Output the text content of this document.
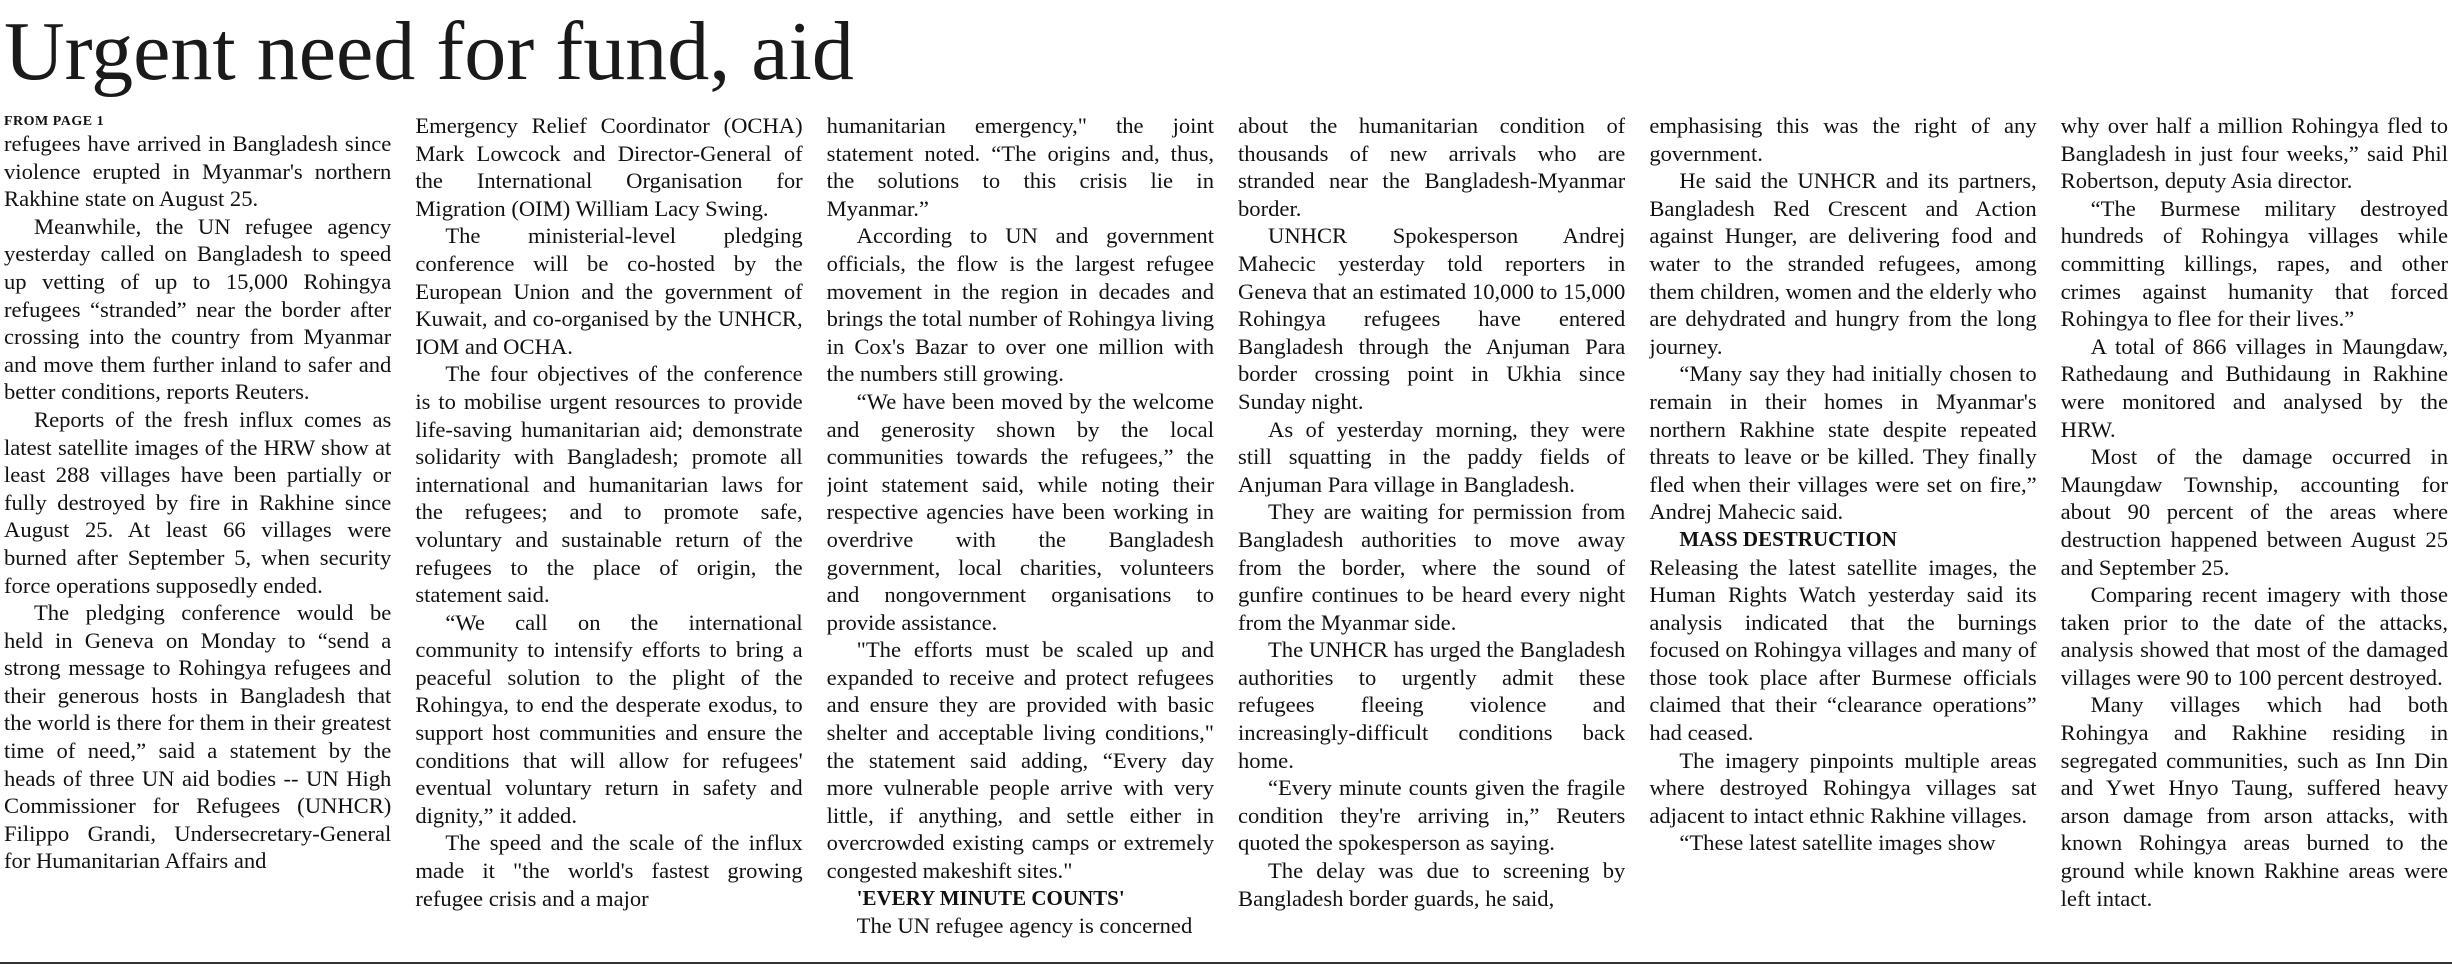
Urgent need for fund, aid
FROM PAGE 1

refugees have arrived in Bangladesh since violence erupted in Myanmar's northern Rakhine state on August 25.

Meanwhile, the UN refugee agency yesterday called on Bangladesh to speed up vetting of up to 15,000 Rohingya refugees “stranded” near the border after crossing into the country from Myanmar and move them further inland to safer and better conditions, reports Reuters.

Reports of the fresh influx comes as latest satellite images of the HRW show at least 288 villages have been partially or fully destroyed by fire in Rakhine since August 25. At least 66 villages were burned after September 5, when security force operations supposedly ended.

The pledging conference would be held in Geneva on Monday to “send a strong message to Rohingya refugees and their generous hosts in Bangladesh that the world is there for them in their greatest time of need,” said a statement by the heads of three UN aid bodies -- UN High Commissioner for Refugees (UNHCR) Filippo Grandi, Undersecretary-General for Humanitarian Affairs and

Emergency Relief Coordinator (OCHA) Mark Lowcock and Director-General of the International Organisation for Migration (OIM) William Lacy Swing.

The ministerial-level pledging conference will be co-hosted by the European Union and the government of Kuwait, and co-organised by the UNHCR, IOM and OCHA.

The four objectives of the conference is to mobilise urgent resources to provide life-saving humanitarian aid; demonstrate solidarity with Bangladesh; promote all international and humanitarian laws for the refugees; and to promote safe, voluntary and sustainable return of the refugees to the place of origin, the statement said.

“We call on the international community to intensify efforts to bring a peaceful solution to the plight of the Rohingya, to end the desperate exodus, to support host communities and ensure the conditions that will allow for refugees' eventual voluntary return in safety and dignity,” it added.

The speed and the scale of the influx made it "the world's fastest growing refugee crisis and a major

humanitarian emergency," the joint statement noted. “The origins and, thus, the solutions to this crisis lie in Myanmar.”

According to UN and government officials, the flow is the largest refugee movement in the region in decades and brings the total number of Rohingya living in Cox's Bazar to over one million with the numbers still growing.

“We have been moved by the welcome and generosity shown by the local communities towards the refugees,” the joint statement said, while noting their respective agencies have been working in overdrive with the Bangladesh government, local charities, volunteers and nongovernment organisations to provide assistance.

"The efforts must be scaled up and expanded to receive and protect refugees and ensure they are provided with basic shelter and acceptable living conditions," the statement said adding, “Every day more vulnerable people arrive with very little, if anything, and settle either in overcrowded existing camps or extremely congested makeshift sites."

'EVERY MINUTE COUNTS'

The UN refugee agency is concerned

about the humanitarian condition of thousands of new arrivals who are stranded near the Bangladesh-Myanmar border.

UNHCR Spokesperson Andrej Mahecic yesterday told reporters in Geneva that an estimated 10,000 to 15,000 Rohingya refugees have entered Bangladesh through the Anjuman Para border crossing point in Ukhia since Sunday night.

As of yesterday morning, they were still squatting in the paddy fields of Anjuman Para village in Bangladesh.

They are waiting for permission from Bangladesh authorities to move away from the border, where the sound of gunfire continues to be heard every night from the Myanmar side.

The UNHCR has urged the Bangladesh authorities to urgently admit these refugees fleeing violence and increasingly-difficult conditions back home.

“Every minute counts given the fragile condition they're arriving in,” Reuters quoted the spokesperson as saying.

The delay was due to screening by Bangladesh border guards, he said,

emphasising this was the right of any government.

He said the UNHCR and its partners, Bangladesh Red Crescent and Action against Hunger, are delivering food and water to the stranded refugees, among them children, women and the elderly who are dehydrated and hungry from the long journey.

“Many say they had initially chosen to remain in their homes in Myanmar's northern Rakhine state despite repeated threats to leave or be killed. They finally fled when their villages were set on fire,” Andrej Mahecic said.

MASS DESTRUCTION

Releasing the latest satellite images, the Human Rights Watch yesterday said its analysis indicated that the burnings focused on Rohingya villages and many of those took place after Burmese officials claimed that their “clearance operations” had ceased.

The imagery pinpoints multiple areas where destroyed Rohingya villages sat adjacent to intact ethnic Rakhine villages.

“These latest satellite images show

why over half a million Rohingya fled to Bangladesh in just four weeks,” said Phil Robertson, deputy Asia director.

“The Burmese military destroyed hundreds of Rohingya villages while committing killings, rapes, and other crimes against humanity that forced Rohingya to flee for their lives.”

A total of 866 villages in Maungdaw, Rathedaung and Buthidaung in Rakhine were monitored and analysed by the HRW.

Most of the damage occurred in Maungdaw Township, accounting for about 90 percent of the areas where destruction happened between August 25 and September 25.

Comparing recent imagery with those taken prior to the date of the attacks, analysis showed that most of the damaged villages were 90 to 100 percent destroyed.

Many villages which had both Rohingya and Rakhine residing in segregated communities, such as Inn Din and Ywet Hnyo Taung, suffered heavy arson damage from arson attacks, with known Rohingya areas burned to the ground while known Rakhine areas were left intact.
